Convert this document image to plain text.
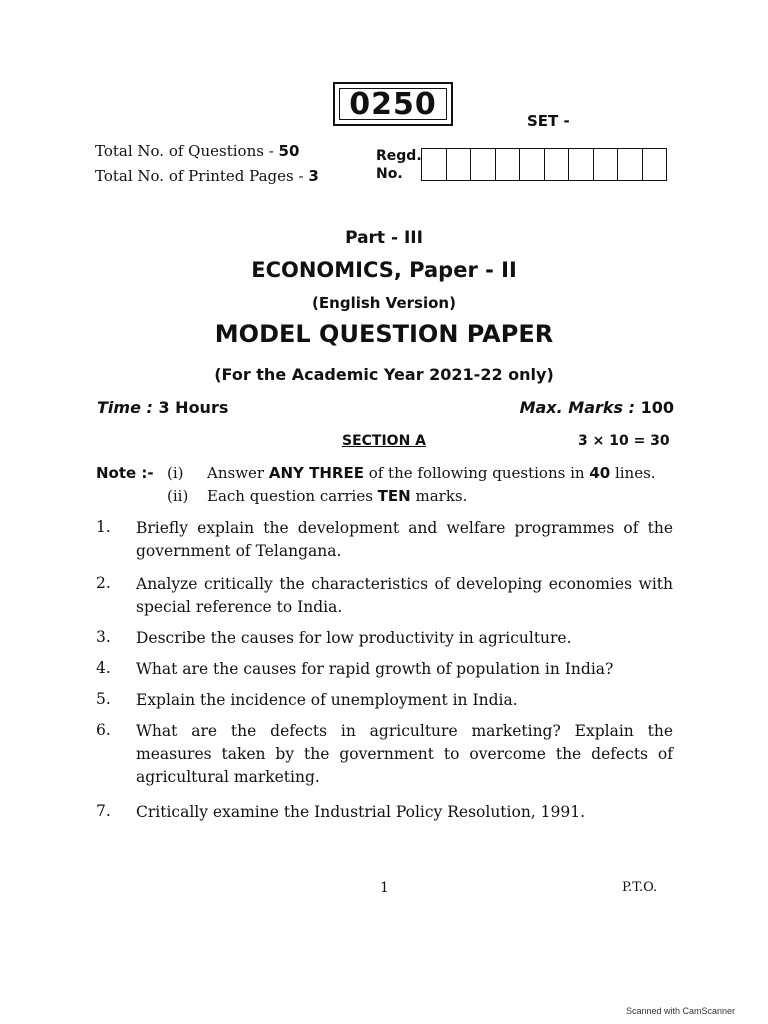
0250	SET -
Total No. of Questions - 50
Total No. of Printed Pages - 3
Regd.
No.
Part - III
ECONOMICS, Paper - II
(English Version)
MODEL QUESTION PAPER
(For the Academic Year 2021-22 only)
Time : 3 Hours	Max. Marks : 100
SECTION A	3 × 10 = 30
Note :- (i) Answer ANY THREE of the following questions in 40 lines.
(ii) Each question carries TEN marks.
1. Briefly explain the development and welfare programmes of the government of Telangana.
2. Analyze critically the characteristics of developing economies with special reference to India.
3. Describe the causes for low productivity in agriculture.
4. What are the causes for rapid growth of population in India?
5. Explain the incidence of unemployment in India.
6. What are the defects in agriculture marketing? Explain the measures taken by the government to overcome the defects of agricultural marketing.
7. Critically examine the Industrial Policy Resolution, 1991.
1	P.T.O.
Scanned with CamScanner
